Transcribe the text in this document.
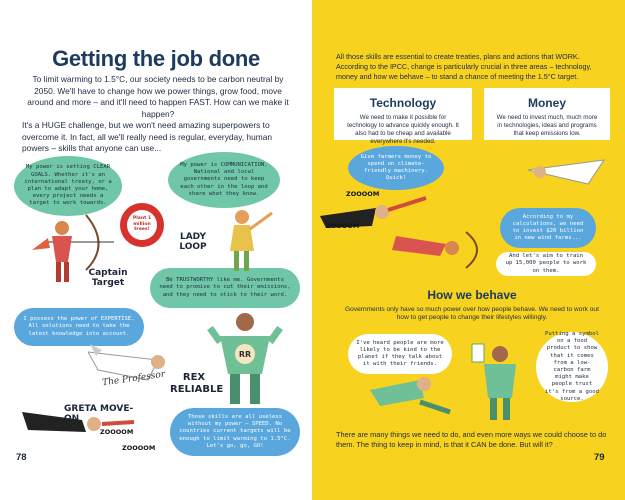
Getting the job done
To limit warming to 1.5°C, our society needs to be carbon neutral by 2050. We'll have to change how we power things, grow food, move around and more – and it'll need to happen FAST. How can we make it happen?
It's a HUGE challenge, but we won't need amazing superpowers to overcome it. In fact, all we'll really need is regular, everyday, human powers – skills that anyone can use...
My power is setting CLEAR GOALS. Whether it's an international treaty, or a plan to adapt your home, every project needs a target to work towards.
My power is COMMUNICATION. National and local governments need to keep each other in the loop and share what they know.
Be TRUSTWORTHY like me. Governments need to promise to cut their emissions, and they need to stick to their word.
I possess the power of EXPERTISE. All solutions need to take the latest knowledge into account.
Those skills are all useless without my power – SPEED. No countries current targets will be enough to limit warming to 1.5°C. Let's go, go, GO!
Plant 1 million trees!
Captain Target
LADY LOOP
The Professor
RR
REX RELIABLE
GRETA MOVE-ON
ZOOOOM
ZOOOOM
78
All those skills are essential to create treaties, plans and actions that WORK. According to the IPCC, change is particularly crucial in three areas – technology, money and how we behave – to stand a chance of meeting the 1.5°C target.
Technology
We need to make it possible for technology to advance quickly enough. It also had to be cheap and available everywhere it's needed.
Money
We need to invest much, much more in technologies, ideas and programs that keep emissions low.
Give farmers money to spend on climate-friendly machinery. Quick!
According to my calculations, we need to invest $20 billion in new wind farms...
And let's aim to train up 15,000 people to work on them.
ZOOOOM
ZOOOOM
How we behave
Governments only have so much power over how people behave. We need to work out how to get people to change their lifestyles willingly.
I've heard people are more likely to be kind to the planet if they talk about it with their friends.
Putting a symbol on a food product to show that it comes from a low-carbon farm might make people trust it's from a good source.
There are many things we need to do, and even more ways we could choose to do them. The thing to keep in mind, is that it CAN be done. But will it?
79
